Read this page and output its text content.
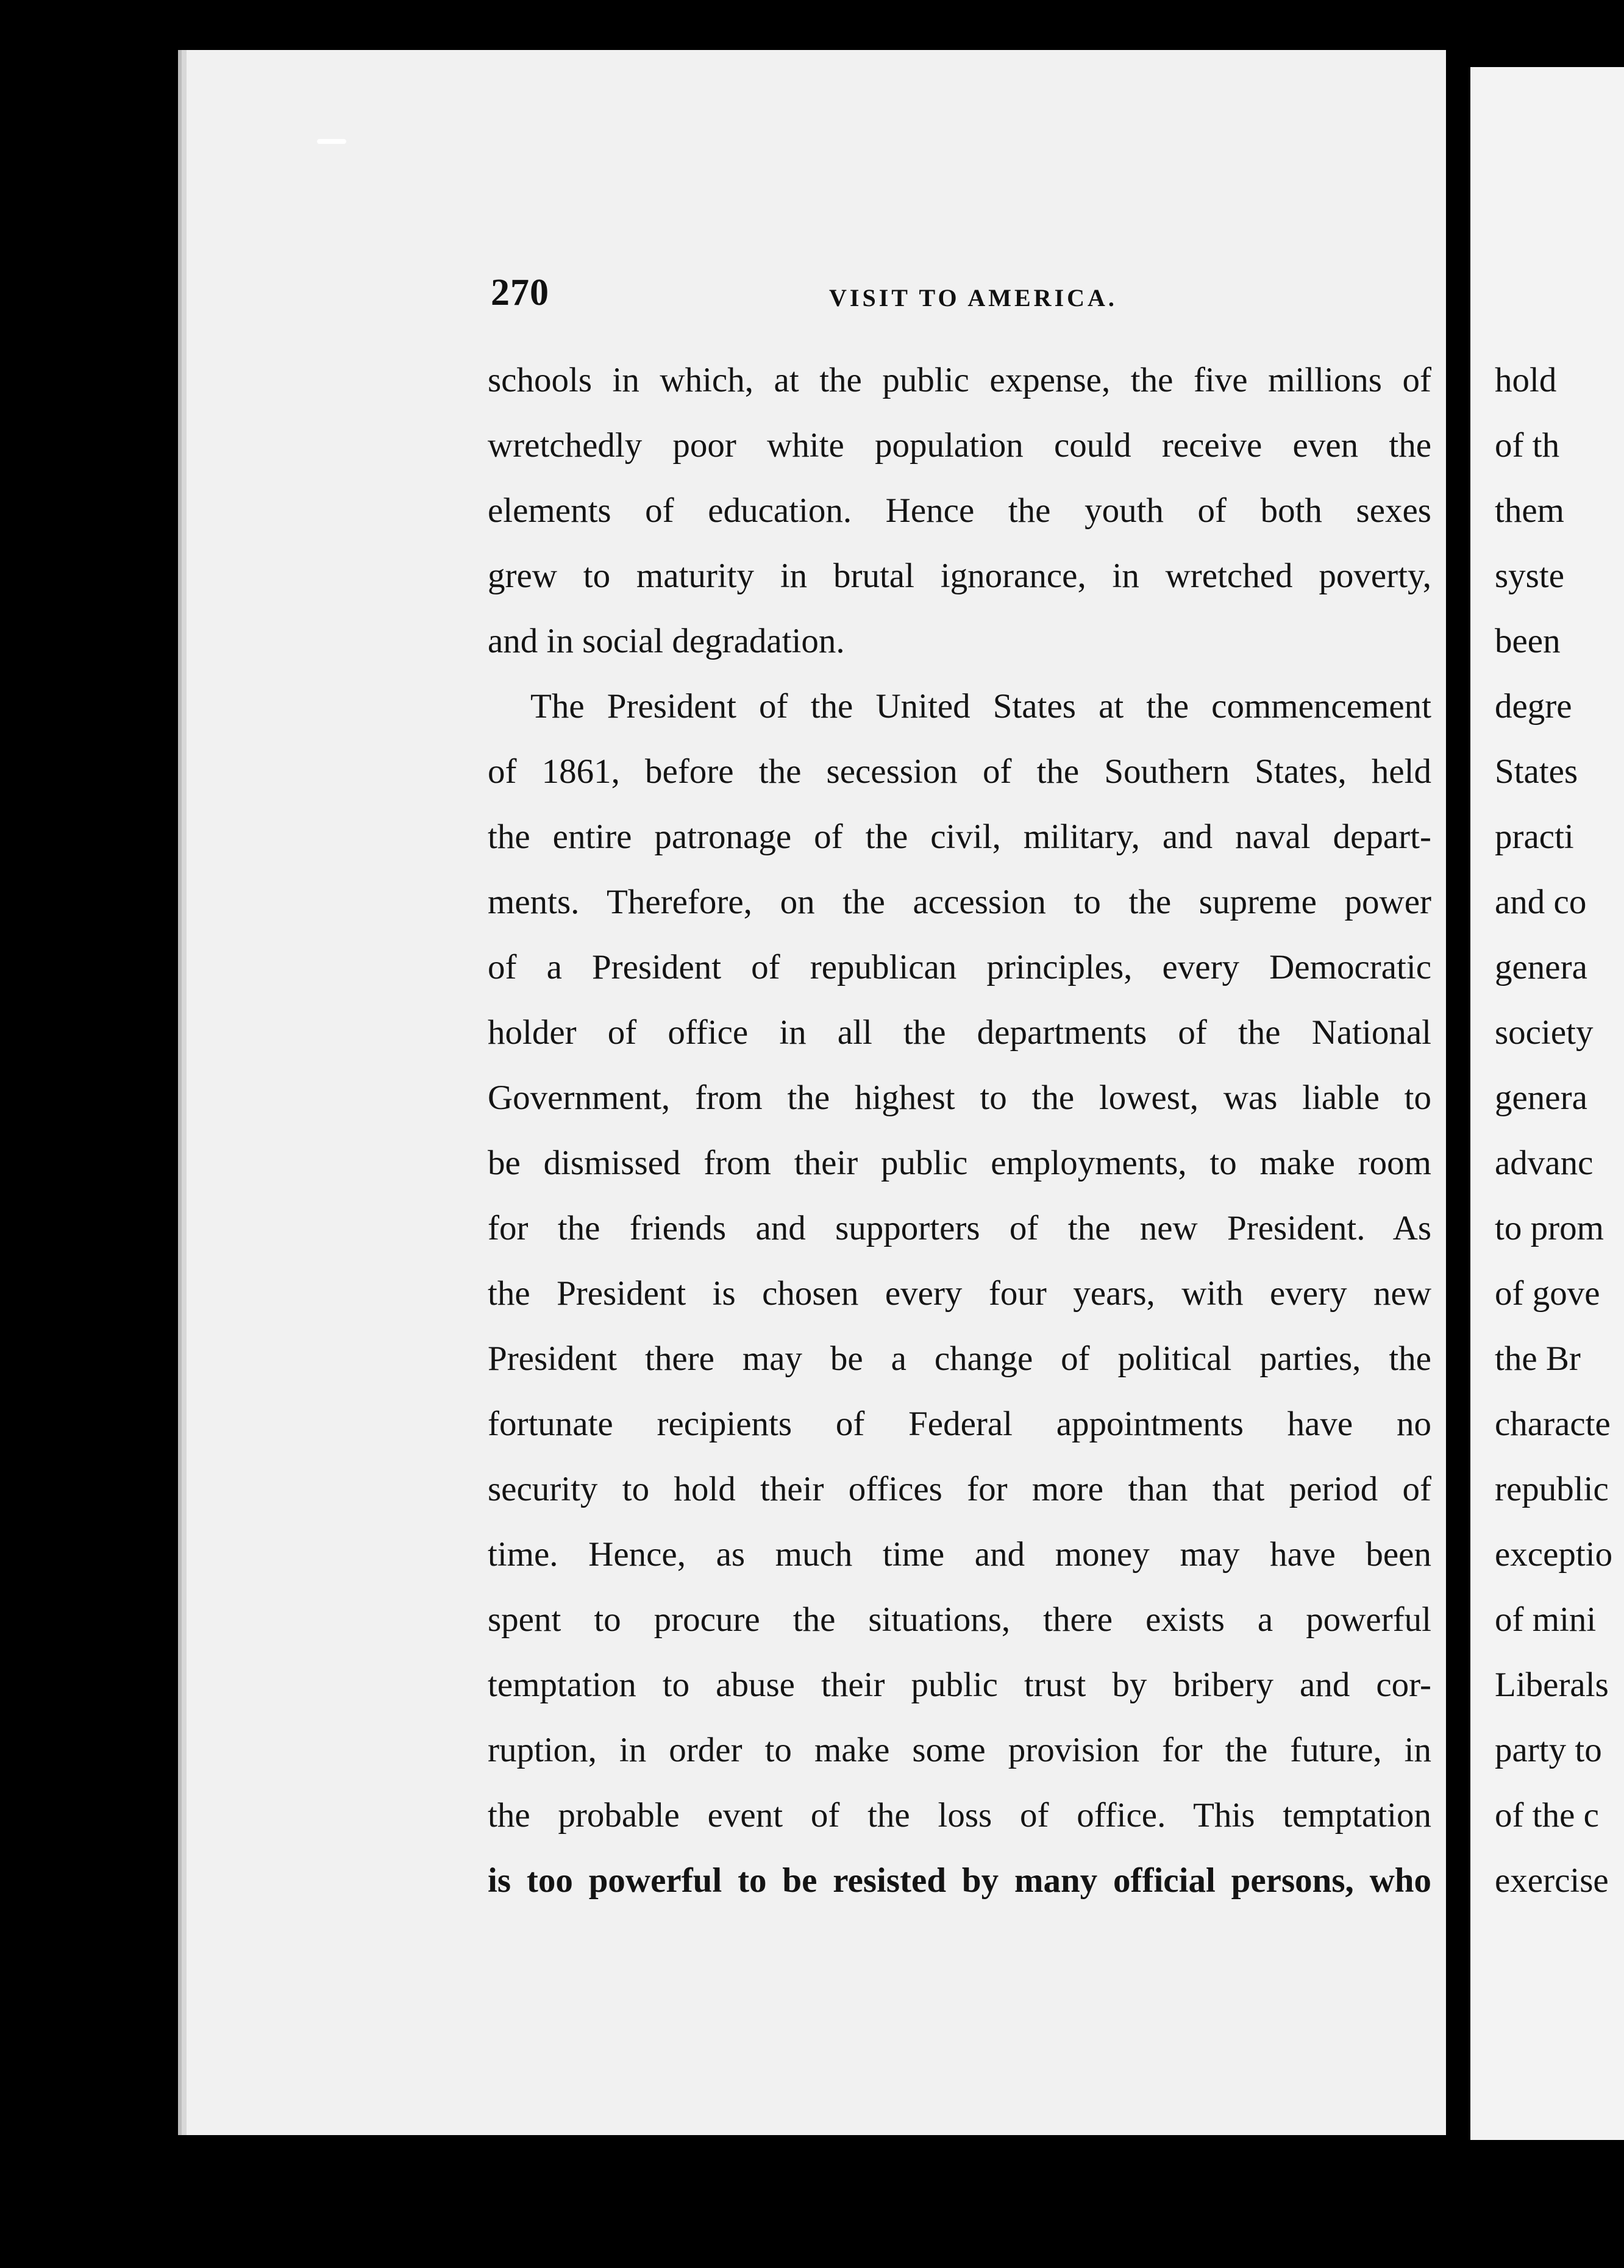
270	VISIT TO AMERICA.
schools in which, at the public expense, the five millions of
wretchedly poor white population could receive even the
elements of education. Hence the youth of both sexes
grew to maturity in brutal ignorance, in wretched poverty,
and in social degradation.
The President of the United States at the commencement
of 1861, before the secession of the Southern States, held
the entire patronage of the civil, military, and naval depart-
ments. Therefore, on the accession to the supreme power
of a President of republican principles, every Democratic
holder of office in all the departments of the National
Government, from the highest to the lowest, was liable to
be dismissed from their public employments, to make room
for the friends and supporters of the new President. As
the President is chosen every four years, with every new
President there may be a change of political parties, the
fortunate recipients of Federal appointments have no
security to hold their offices for more than that period of
time. Hence, as much time and money may have been
spent to procure the situations, there exists a powerful
temptation to abuse their public trust by bribery and cor-
ruption, in order to make some provision for the future, in
the probable event of the loss of office. This temptation
is too powerful to be resisted by many official persons, who
hold
of th
them
syste
been
degre
States
practi
and co
genera
society
genera
advanc
to prom
of gove
the Br
characte
republic
exceptio
of mini
Liberals
party to
of the c
exercise
